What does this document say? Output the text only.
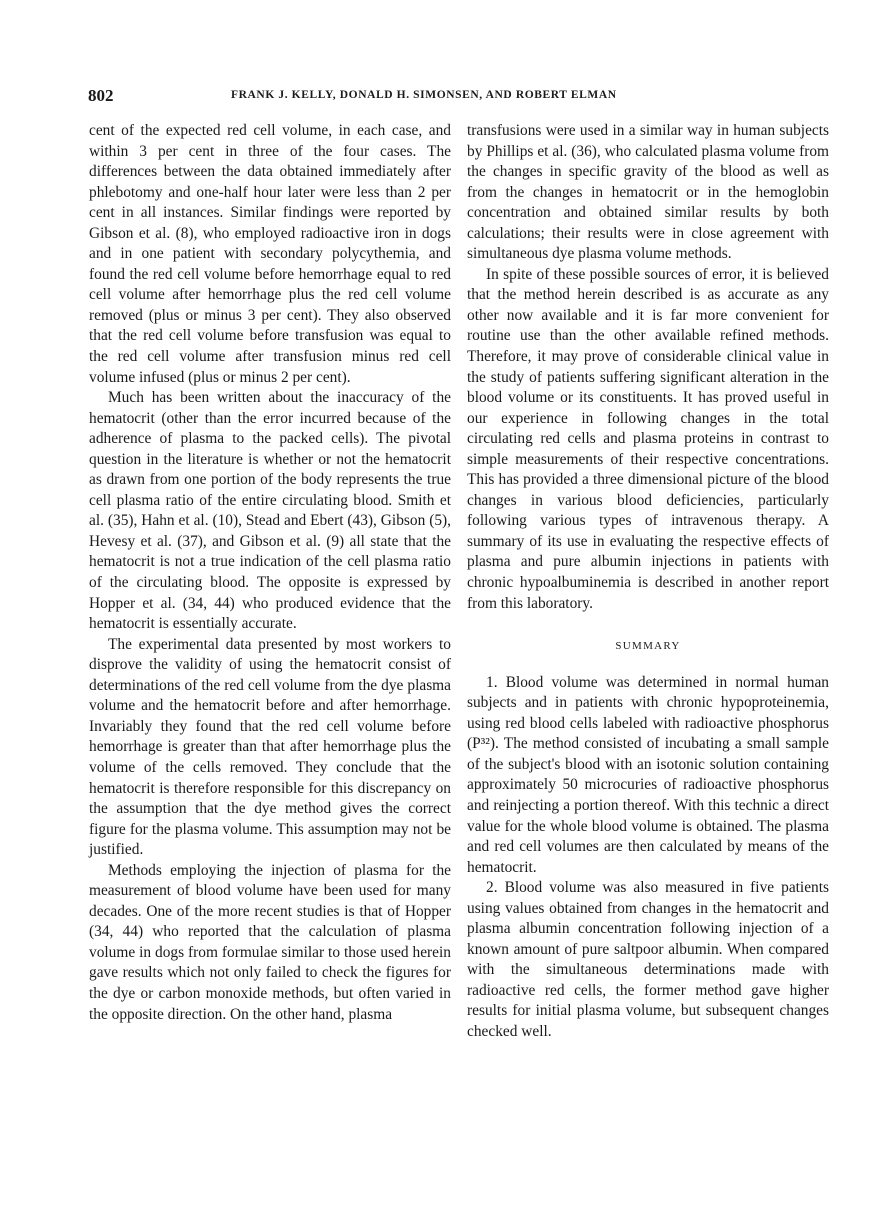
802	FRANK J. KELLY, DONALD H. SIMONSEN, AND ROBERT ELMAN

cent of the expected red cell volume, in each case, and within 3 per cent in three of the four cases. The differences between the data obtained immediately after phlebotomy and one-half hour later were less than 2 per cent in all instances. Similar findings were reported by Gibson et al. (8), who employed radioactive iron in dogs and in one patient with secondary polycythemia, and found the red cell volume before hemorrhage equal to red cell volume after hemorrhage plus the red cell volume removed (plus or minus 3 per cent). They also observed that the red cell volume before transfusion was equal to the red cell volume after transfusion minus red cell volume infused (plus or minus 2 per cent).

Much has been written about the inaccuracy of the hematocrit (other than the error incurred because of the adherence of plasma to the packed cells). The pivotal question in the literature is whether or not the hematocrit as drawn from one portion of the body represents the true cell plasma ratio of the entire circulating blood. Smith et al. (35), Hahn et al. (10), Stead and Ebert (43), Gibson (5), Hevesy et al. (37), and Gibson et al. (9) all state that the hematocrit is not a true indication of the cell plasma ratio of the circulating blood. The opposite is expressed by Hopper et al. (34, 44) who produced evidence that the hematocrit is essentially accurate.

The experimental data presented by most workers to disprove the validity of using the hematocrit consist of determinations of the red cell volume from the dye plasma volume and the hematocrit before and after hemorrhage. Invariably they found that the red cell volume before hemorrhage is greater than that after hemorrhage plus the volume of the cells removed. They conclude that the hematocrit is therefore responsible for this discrepancy on the assumption that the dye method gives the correct figure for the plasma volume. This assumption may not be justified.

Methods employing the injection of plasma for the measurement of blood volume have been used for many decades. One of the more recent studies is that of Hopper (34, 44) who reported that the calculation of plasma volume in dogs from formulae similar to those used herein gave results which not only failed to check the figures for the dye or carbon monoxide methods, but often varied in the opposite direction. On the other hand, plasma

transfusions were used in a similar way in human subjects by Phillips et al. (36), who calculated plasma volume from the changes in specific gravity of the blood as well as from the changes in hematocrit or in the hemoglobin concentration and obtained similar results by both calculations; their results were in close agreement with simultaneous dye plasma volume methods.

In spite of these possible sources of error, it is believed that the method herein described is as accurate as any other now available and it is far more convenient for routine use than the other available refined methods. Therefore, it may prove of considerable clinical value in the study of patients suffering significant alteration in the blood volume or its constituents. It has proved useful in our experience in following changes in the total circulating red cells and plasma proteins in contrast to simple measurements of their respective concentrations. This has provided a three dimensional picture of the blood changes in various blood deficiencies, particularly following various types of intravenous therapy. A summary of its use in evaluating the respective effects of plasma and pure albumin injections in patients with chronic hypoalbuminemia is described in another report from this laboratory.

SUMMARY

1. Blood volume was determined in normal human subjects and in patients with chronic hypoproteinemia, using red blood cells labeled with radioactive phosphorus (P³²). The method consisted of incubating a small sample of the subject's blood with an isotonic solution containing approximately 50 microcuries of radioactive phosphorus and reinjecting a portion thereof. With this technic a direct value for the whole blood volume is obtained. The plasma and red cell volumes are then calculated by means of the hematocrit.

2. Blood volume was also measured in five patients using values obtained from changes in the hematocrit and plasma albumin concentration following injection of a known amount of pure saltpoor albumin. When compared with the simultaneous determinations made with radioactive red cells, the former method gave higher results for initial plasma volume, but subsequent changes checked well.
